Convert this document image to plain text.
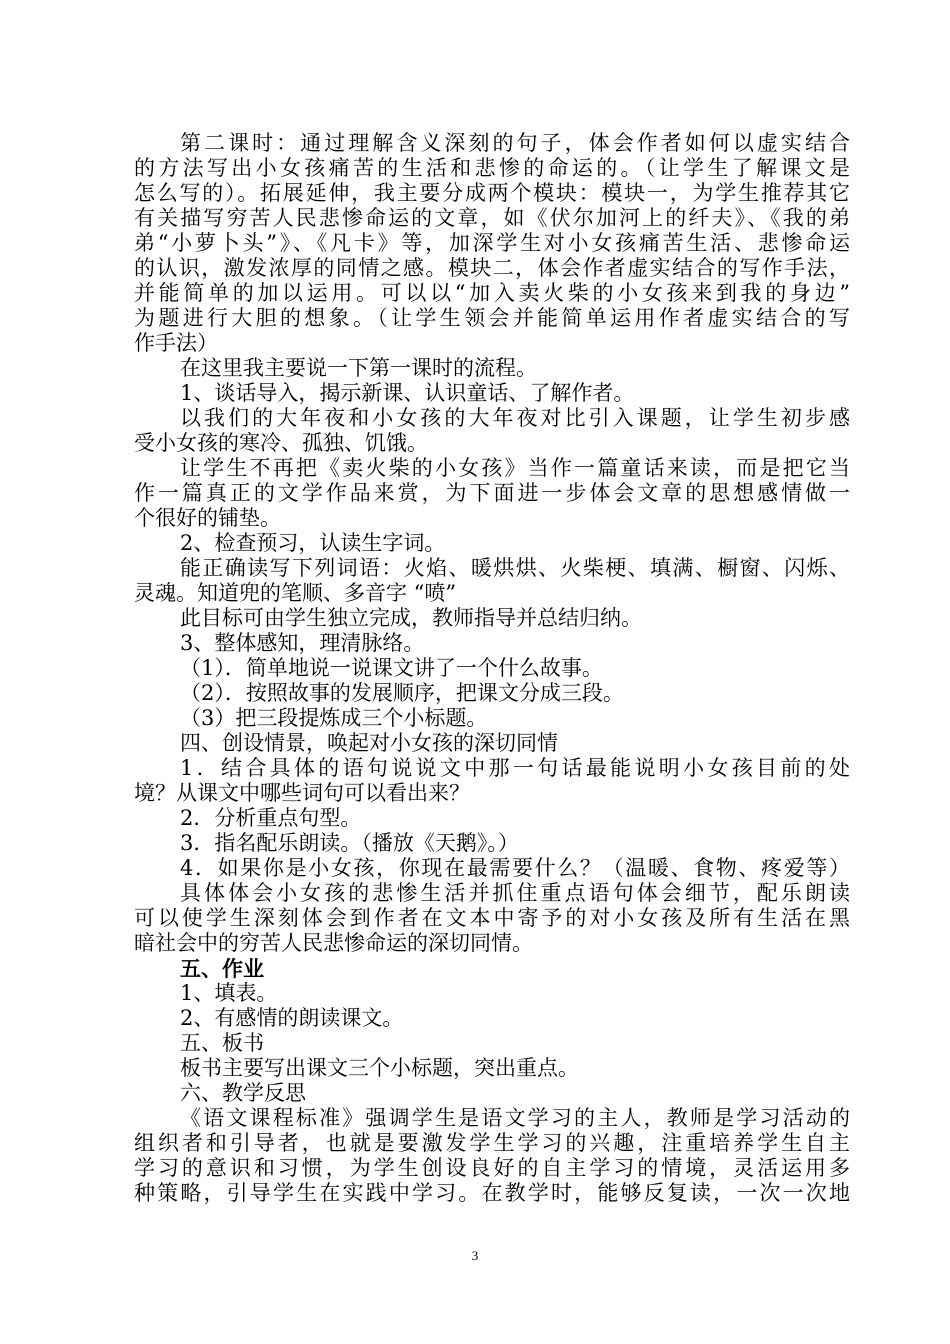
第二课时：通过理解含义深刻的句子，体会作者如何以虚实结合
的方法写出小女孩痛苦的生活和悲惨的命运的。（让学生了解课文是
怎么写的）。拓展延伸，我主要分成两个模块：模块一，为学生推荐其它
有关描写穷苦人民悲惨命运的文章，如《伏尔加河上的纤夫》、《我的弟
弟“小萝卜头”》、《凡卡》等，加深学生对小女孩痛苦生活、悲惨命运
的认识，激发浓厚的同情之感。模块二，体会作者虚实结合的写作手法，
并能简单的加以运用。可以以“加入卖火柴的小女孩来到我的身边”
为题进行大胆的想象。（让学生领会并能简单运用作者虚实结合的写
作手法）
在这里我主要说一下第一课时的流程。
1、谈话导入，揭示新课、认识童话、了解作者。
以我们的大年夜和小女孩的大年夜对比引入课题，让学生初步感
受小女孩的寒冷、孤独、饥饿。
让学生不再把《卖火柴的小女孩》当作一篇童话来读，而是把它当
作一篇真正的文学作品来赏，为下面进一步体会文章的思想感情做一
个很好的铺垫。
2、检查预习，认读生字词。
能正确读写下列词语：火焰、暖烘烘、火柴梗、填满、橱窗、闪烁、
灵魂。知道兜的笔顺、多音字 “喷”
此目标可由学生独立完成，教师指导并总结归纳。
3、整体感知，理清脉络。
（1）．简单地说一说课文讲了一个什么故事。
（2）．按照故事的发展顺序，把课文分成三段。
（3）把三段提炼成三个小标题。
四、创设情景，唤起对小女孩的深切同情
1．结合具体的语句说说文中那一句话最能说明小女孩目前的处
境？从课文中哪些词句可以看出来？
2．分析重点句型。
3．指名配乐朗读。（播放《天鹅》。）
4．如果你是小女孩，你现在最需要什么？（温暖、食物、疼爱等）
具体体会小女孩的悲惨生活并抓住重点语句体会细节，配乐朗读
可以使学生深刻体会到作者在文本中寄予的对小女孩及所有生活在黑
暗社会中的穷苦人民悲惨命运的深切同情。
五、作业
1、填表。
2、有感情的朗读课文。
五、板书
板书主要写出课文三个小标题，突出重点。
六、教学反思
《语文课程标准》强调学生是语文学习的主人，教师是学习活动的
组织者和引导者，也就是要激发学生学习的兴趣，注重培养学生自主
学习的意识和习惯，为学生创设良好的自主学习的情境，灵活运用多
种策略，引导学生在实践中学习。在教学时，能够反复读，一次一次地
3
